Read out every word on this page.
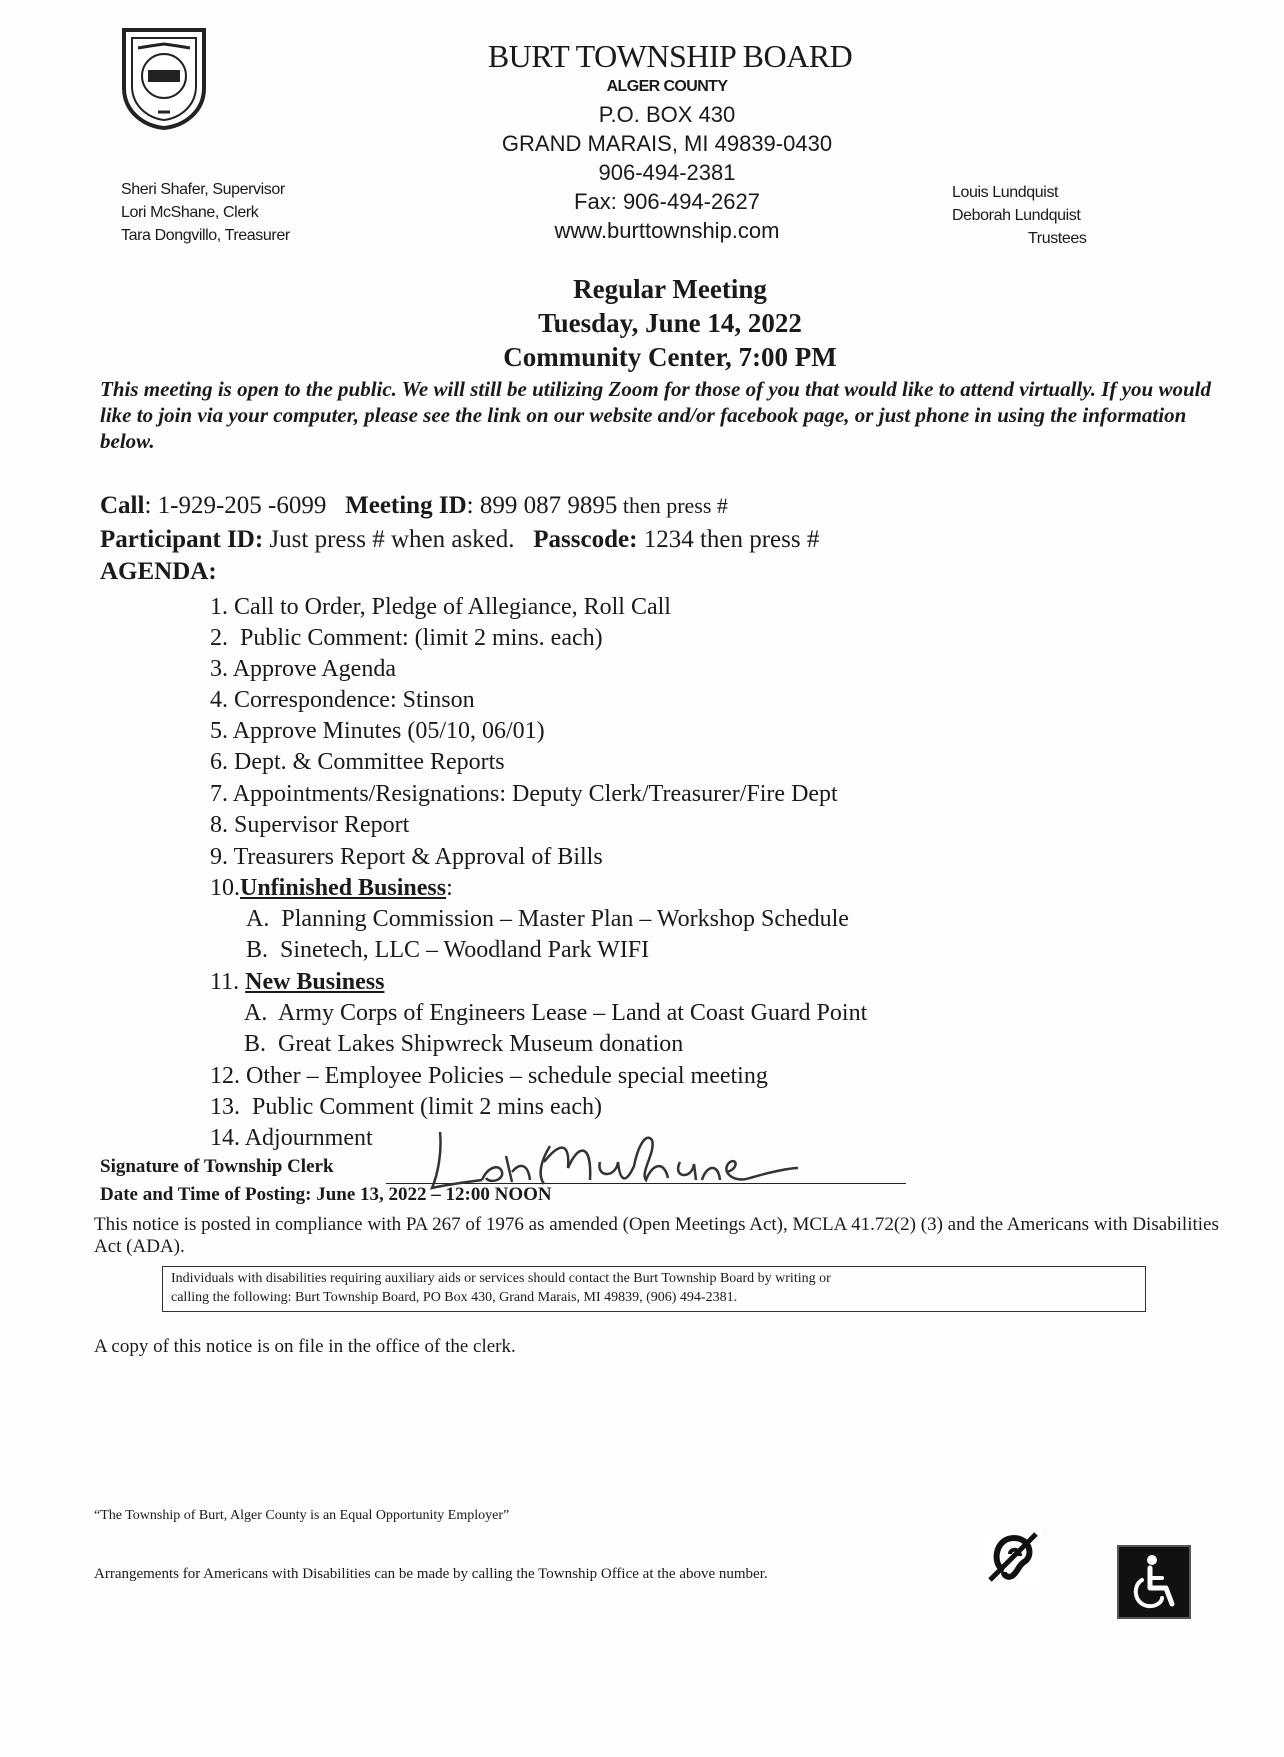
BURT TOWNSHIP BOARD
ALGER COUNTY
P.O. BOX 430
GRAND MARAIS, MI 49839-0430
906-494-2381
Fax: 906-494-2627
www.burttownship.com
Sheri Shafer, Supervisor
Lori McShane, Clerk
Tara Dongvillo, Treasurer
Louis Lundquist
Deborah Lundquist
Trustees
Regular Meeting
Tuesday, June 14, 2022
Community Center, 7:00 PM
This meeting is open to the public. We will still be utilizing Zoom for those of you that would like to attend virtually. If you would like to join via your computer, please see the link on our website and/or facebook page, or just phone in using the information below.
Call: 1-929-205 -6099 Meeting ID: 899 087 9895 then press #
Participant ID: Just press # when asked. Passcode: 1234 then press #
AGENDA:
1. Call to Order, Pledge of Allegiance, Roll Call
2. Public Comment: (limit 2 mins. each)
3. Approve Agenda
4. Correspondence: Stinson
5. Approve Minutes (05/10, 06/01)
6. Dept. & Committee Reports
7. Appointments/Resignations: Deputy Clerk/Treasurer/Fire Dept
8. Supervisor Report
9. Treasurers Report & Approval of Bills
10.Unfinished Business:
A. Planning Commission – Master Plan – Workshop Schedule
B. Sinetech, LLC – Woodland Park WIFI
11. New Business
A. Army Corps of Engineers Lease – Land at Coast Guard Point
B. Great Lakes Shipwreck Museum donation
12. Other – Employee Policies – schedule special meeting
13. Public Comment (limit 2 mins each)
14. Adjournment
Signature of Township Clerk
Date and Time of Posting: June 13, 2022 – 12:00 NOON
This notice is posted in compliance with PA 267 of 1976 as amended (Open Meetings Act), MCLA 41.72(2) (3) and the Americans with Disabilities Act (ADA).
Individuals with disabilities requiring auxiliary aids or services should contact the Burt Township Board by writing or
calling the following: Burt Township Board, PO Box 430, Grand Marais, MI 49839, (906) 494-2381.
A copy of this notice is on file in the office of the clerk.
“The Township of Burt, Alger County is an Equal Opportunity Employer”
Arrangements for Americans with Disabilities can be made by calling the Township Office at the above number.
